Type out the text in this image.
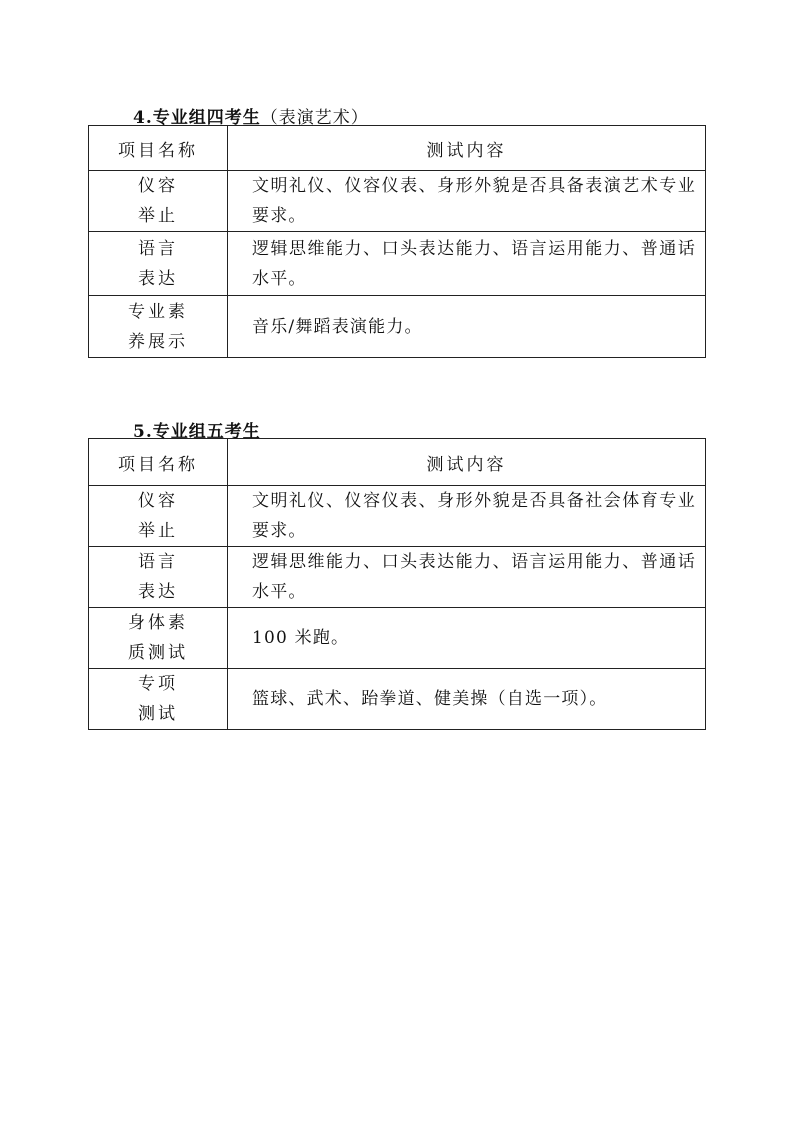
4.专业组四考生（表演艺术）
项目名称	测试内容

仪容
举止	文明礼仪、仪容仪表、身形外貌是否具备表演艺术专业要求。

语言
表达	逻辑思维能力、口头表达能力、语言运用能力、普通话水平。

专业素
养展示	音乐/舞蹈表演能力。
5.专业组五考生
项目名称	测试内容

仪容
举止	文明礼仪、仪容仪表、身形外貌是否具备社会体育专业要求。

语言
表达	逻辑思维能力、口头表达能力、语言运用能力、普通话水平。

身体素
质测试	100 米跑。

专项
测试	篮球、武术、跆拳道、健美操（自选一项）。
